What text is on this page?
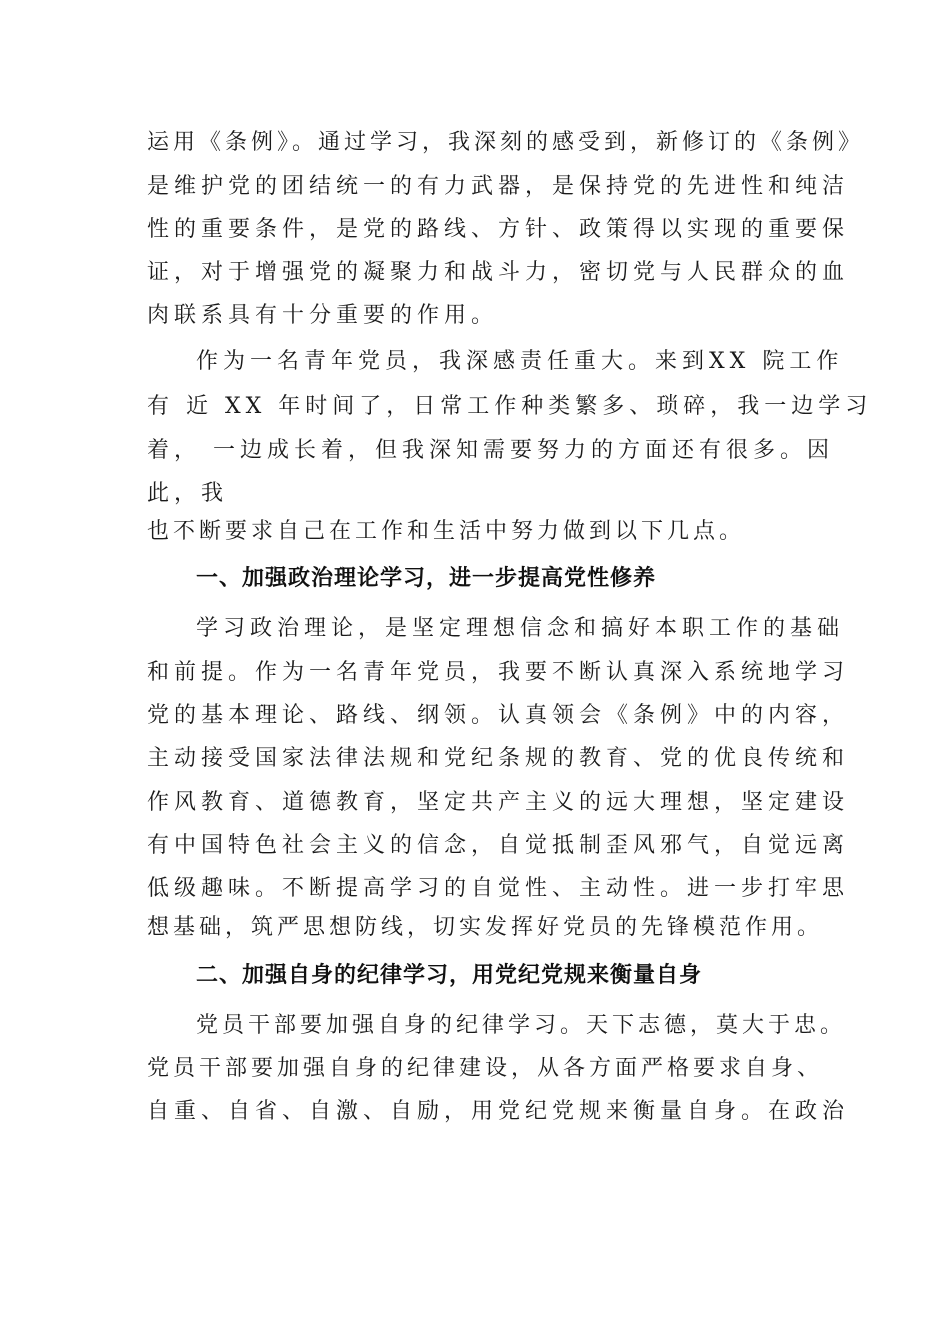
运用《条例》。通过学习，我深刻的感受到，新修订的《条例》

是维护党的团结统一的有力武器，是保持党的先进性和纯洁

性的重要条件，是党的路线、方针、政策得以实现的重要保

证，对于增强党的凝聚力和战斗力，密切党与人民群众的血

肉联系具有十分重要的作用。

作为一名青年党员，我深感责任重大。来到XX 院工作

有 近 XX 年时间了，日常工作种类繁多、琐碎，我一边学习

着， 一边成长着，但我深知需要努力的方面还有很多。因

此，我

也不断要求自己在工作和生活中努力做到以下几点。

一、加强政治理论学习，进一步提高党性修养

学习政治理论，是坚定理想信念和搞好本职工作的基础

和前提。作为一名青年党员，我要不断认真深入系统地学习

党的基本理论、路线、纲领。认真领会《条例》中的内容，

主动接受国家法律法规和党纪条规的教育、党的优良传统和

作风教育、道德教育，坚定共产主义的远大理想，坚定建设

有中国特色社会主义的信念，自觉抵制歪风邪气，自觉远离

低级趣味。不断提高学习的自觉性、主动性。进一步打牢思

想基础，筑严思想防线，切实发挥好党员的先锋模范作用。

二、加强自身的纪律学习，用党纪党规来衡量自身

党员干部要加强自身的纪律学习。天下志德，莫大于忠。

党员干部要加强自身的纪律建设，从各方面严格要求自身、

自重、自省、自激、自励，用党纪党规来衡量自身。在政治
